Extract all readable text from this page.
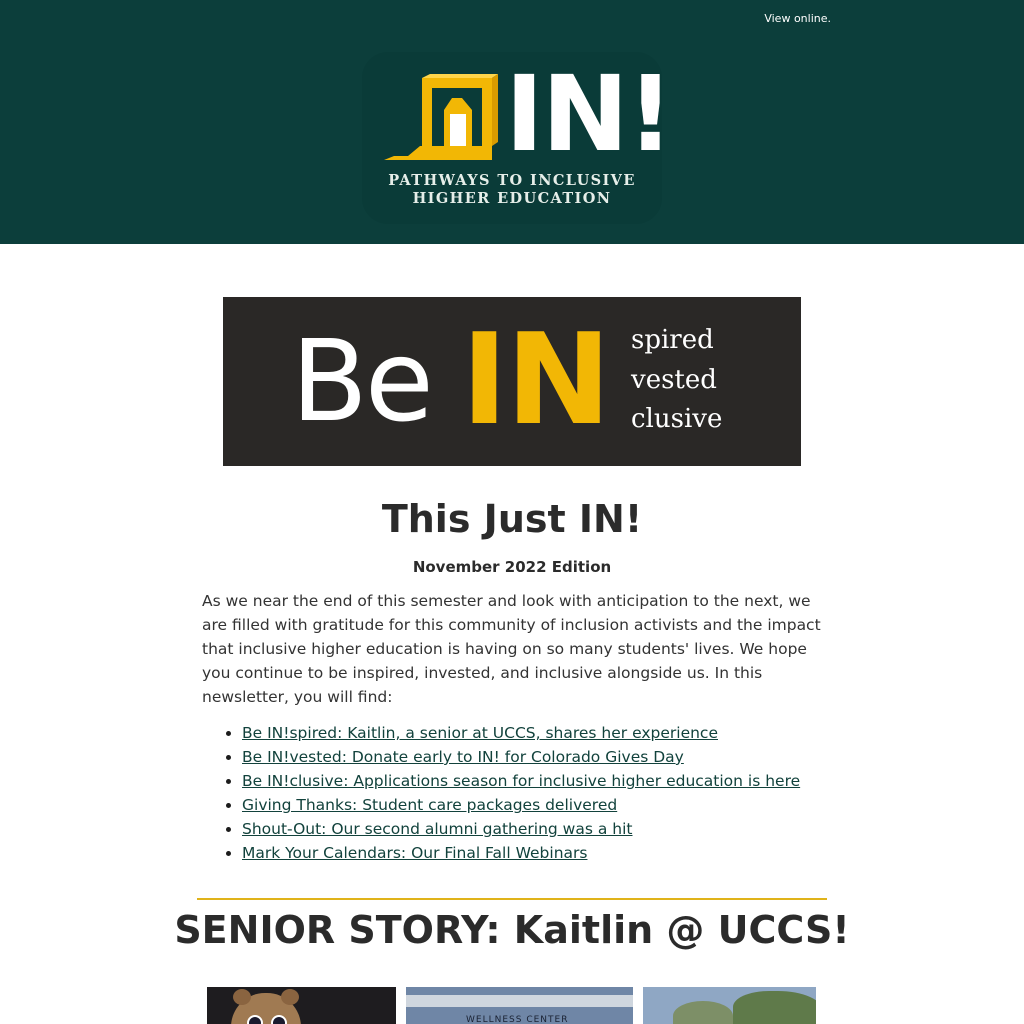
View online.
PATHWAYS TO INCLUSIVE
HIGHER EDUCATION
IN!
Be IN spired
vested
clusive
This Just IN!
November 2022 Edition

As we near the end of this semester and look with anticipation to the next, we are filled with gratitude for this community of inclusion activists and the impact that inclusive higher education is having on so many students' lives. We hope you continue to be inspired, invested, and inclusive alongside us. In this newsletter, you will find:

• Be IN!spired: Kaitlin, a senior at UCCS, shares her experience
• Be IN!vested: Donate early to IN! for Colorado Gives Day
• Be IN!clusive: Applications season for inclusive higher education is here
• Giving Thanks: Student care packages delivered
• Shout-Out: Our second alumni gathering was a hit
• Mark Your Calendars: Our Final Fall Webinars
SENIOR STORY: Kaitlin @ UCCS!
WELLNESS CENTER
